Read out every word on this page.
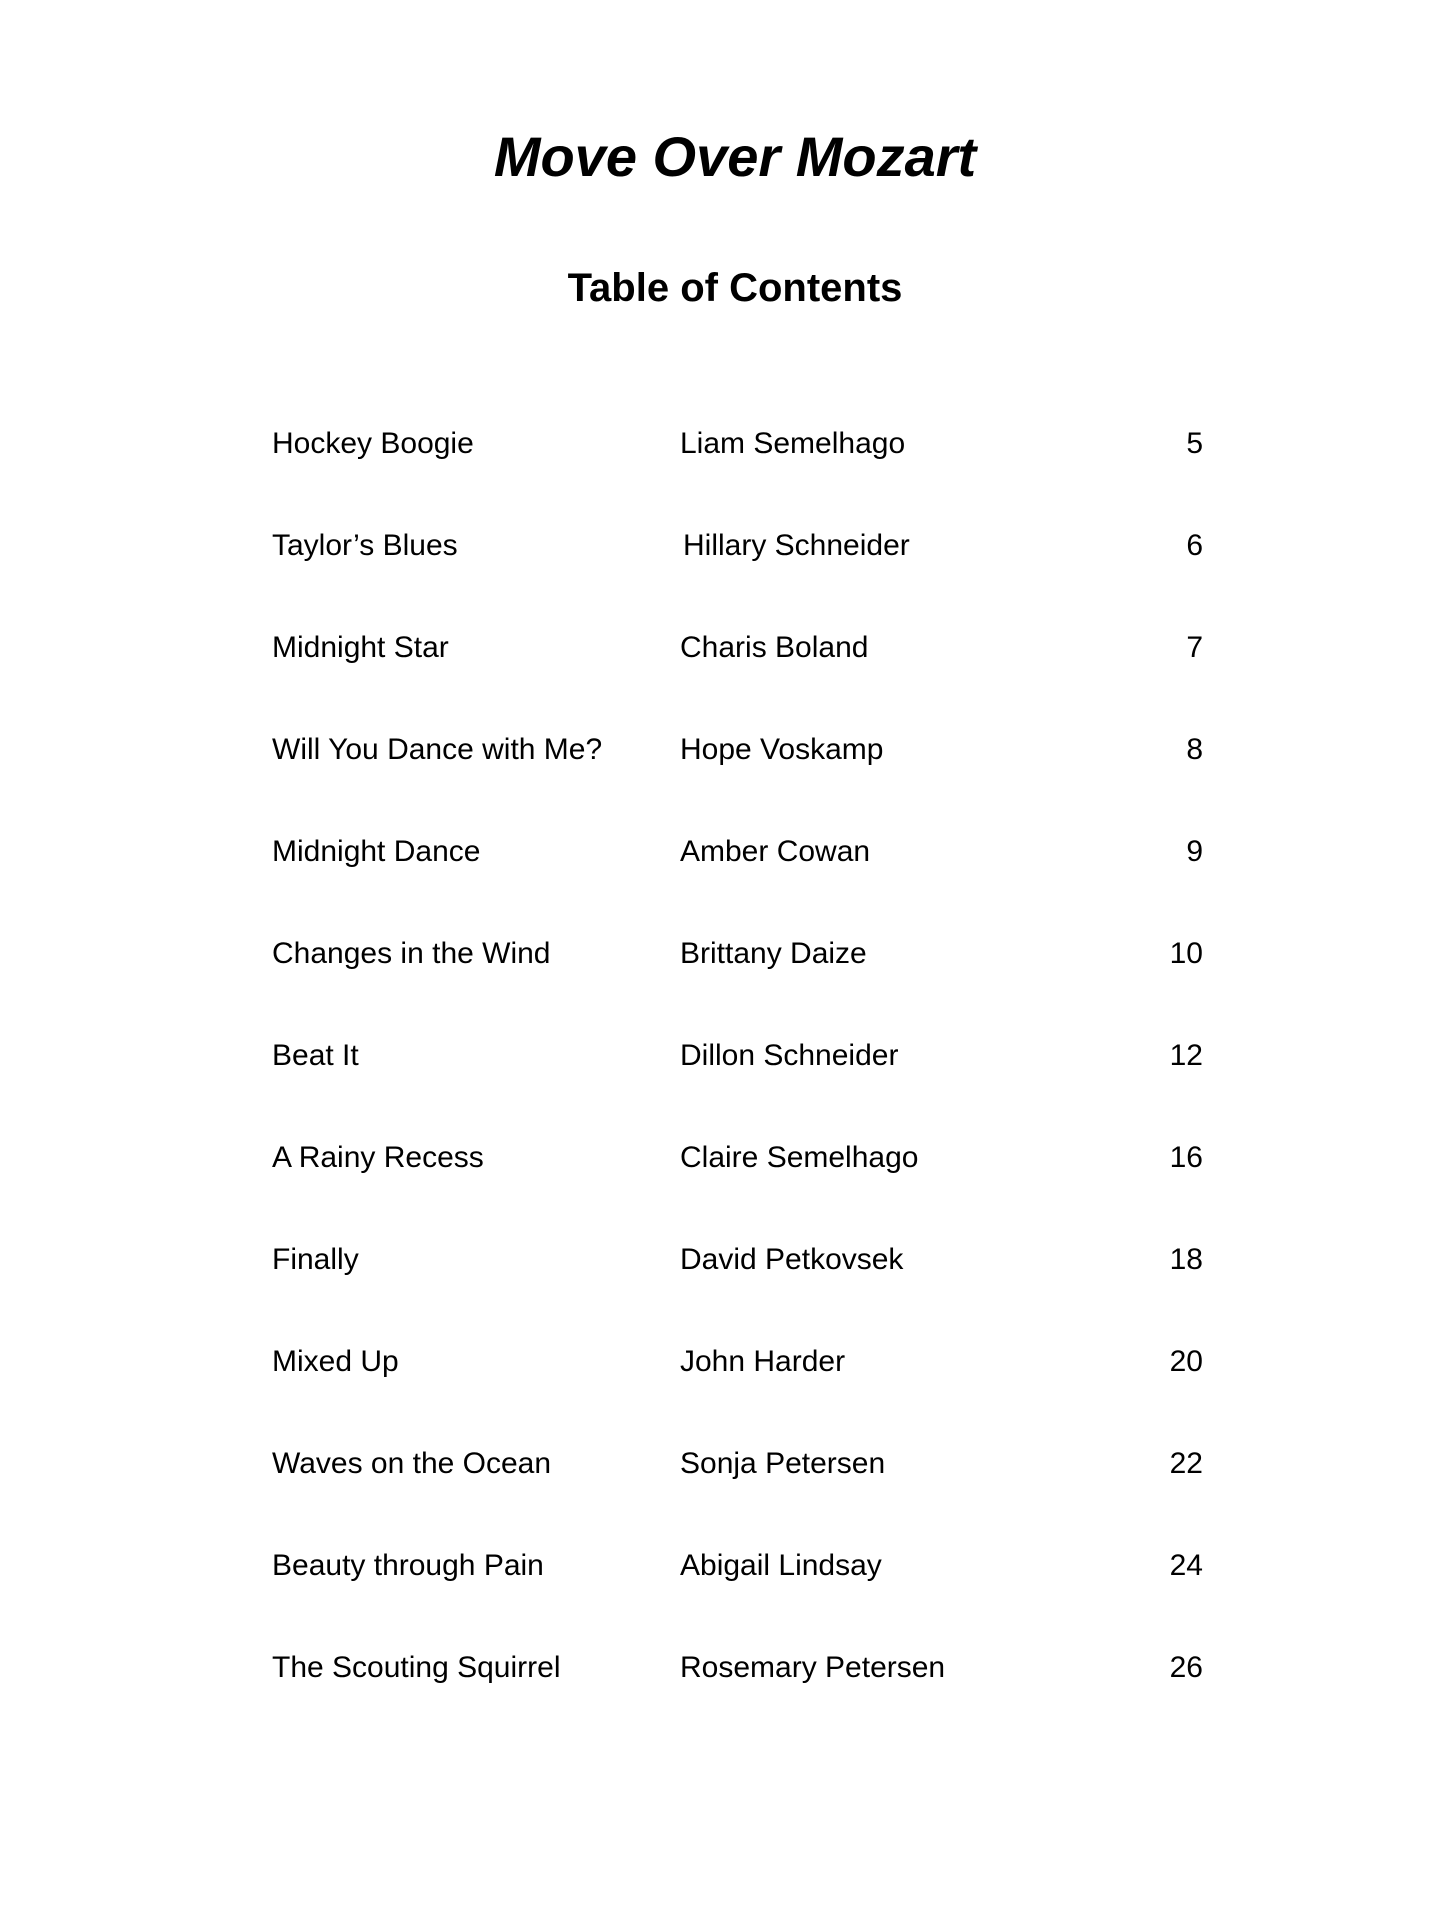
Move Over Mozart
Table of Contents
Hockey Boogie	Liam Semelhago	5
Taylor’s Blues	Hillary Schneider	6
Midnight Star	Charis Boland	7
Will You Dance with Me?	Hope Voskamp	8
Midnight Dance	Amber Cowan	9
Changes in the Wind	Brittany Daize	10
Beat It	Dillon Schneider	12
A Rainy Recess	Claire Semelhago	16
Finally	David Petkovsek	18
Mixed Up	John Harder	20
Waves on the Ocean	Sonja Petersen	22
Beauty through Pain	Abigail Lindsay	24
The Scouting Squirrel	Rosemary Petersen	26
